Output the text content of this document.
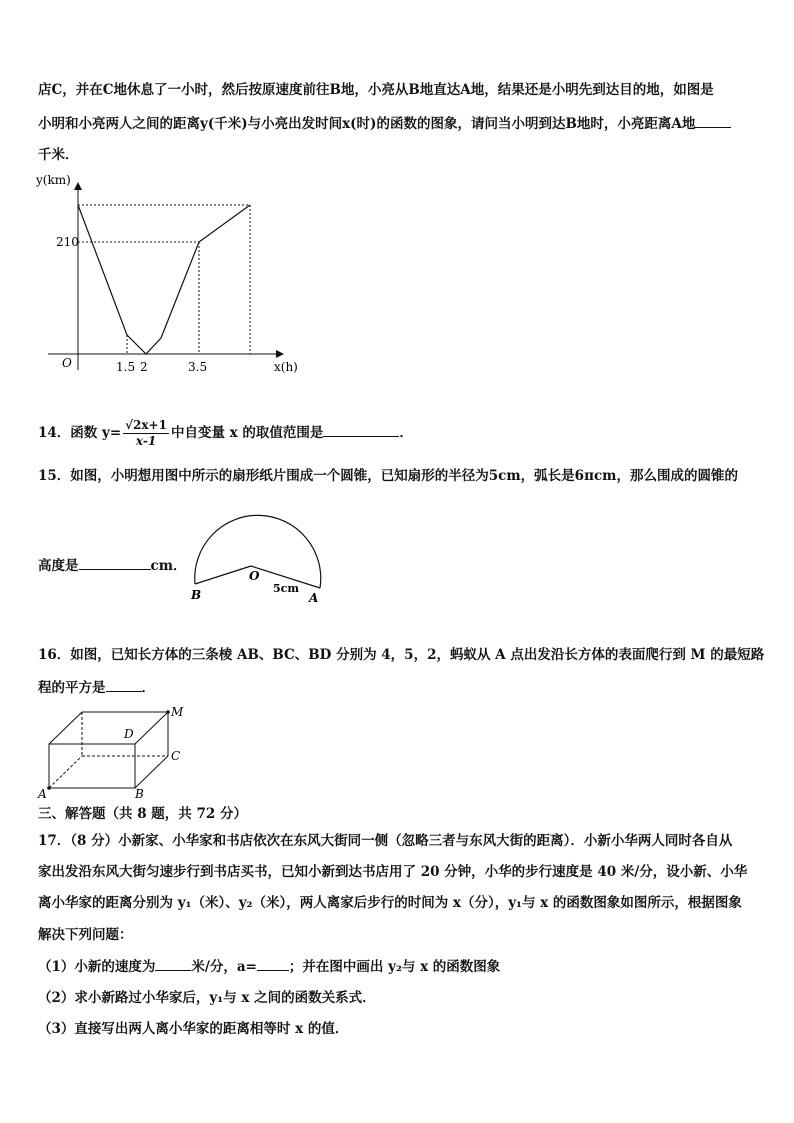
店C，并在C地休息了一小时，然后按原速度前往B地，小亮从B地直达A地，结果还是小明先到达目的地，如图是
小明和小亮两人之间的距离y(千米)与小亮出发时间x(时)的函数的图象，请问当小明到达B地时，小亮距离A地
千米．
y(km)
x(h)
O
210
1.5 2	3.5
14．函数 $y= \frac{√2x+1}{x-1}$ 中自变量 x 的取值范围是	．
15．如图，小明想用图中所示的扇形纸片围成一个圆锥，已知扇形的半径为5cm，弧长是6πcm，那么围成的圆锥的
高度是	cm．
O
B	A
5cm
16．如图，已知长方体的三条棱 AB、BC、BD 分别为 4，5，2，蚂蚁从 A 点出发沿长方体的表面爬行到 M 的最短路
程的平方是	．
M
D
C
A	B
三、解答题（共 8 题，共 72 分）
17．（8 分）小新家、小华家和书店依次在东风大街同一侧（忽略三者与东风大街的距离）．小新小华两人同时各自从
家出发沿东风大街匀速步行到书店买书，已知小新到达书店用了 20 分钟，小华的步行速度是 40 米/分，设小新、小华
离小华家的距离分别为 y₁（米）、y₂（米），两人离家后步行的时间为 x（分），y₁与 x 的函数图象如图所示，根据图象
解决下列问题：
（1）小新的速度为	米/分，a= ；并在图中画出 y₂与 x 的函数图象
（2）求小新路过小华家后，y₁与 x 之间的函数关系式．
（3）直接写出两人离小华家的距离相等时 x 的值．
